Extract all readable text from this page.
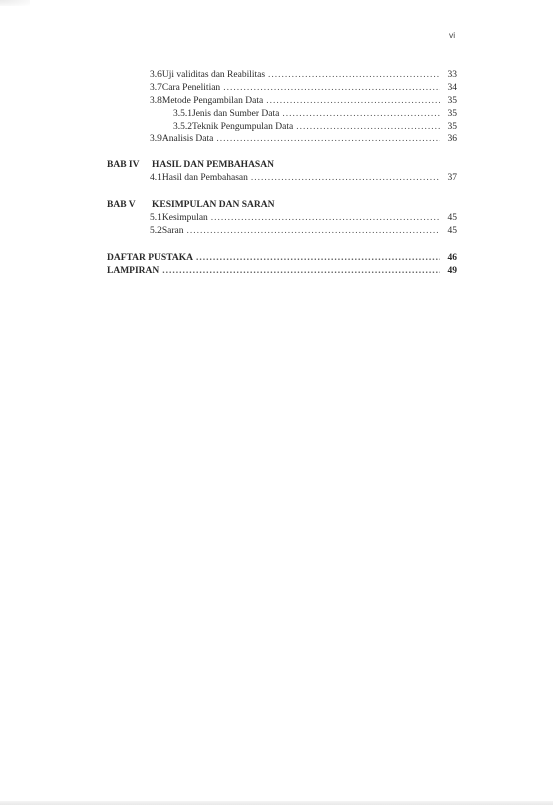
vi
3.6 Uji validitas dan Reabilitas .....	33
3.7 Cara Penelitian .....	34
3.8 Metode Pengambilan Data .....	35
3.5.1 Jenis dan Sumber Data .....	35
3.5.2 Teknik Pengumpulan Data .....	35
3.9 Analisis Data .....	36
BAB IV HASIL DAN PEMBAHASAN
4.1 Hasil dan Pembahasan .....	37
BAB V KESIMPULAN DAN SARAN
5.1 Kesimpulan .....	45
5.2 Saran .....	45
DAFTAR PUSTAKA .....	46
LAMPIRAN .....	49
